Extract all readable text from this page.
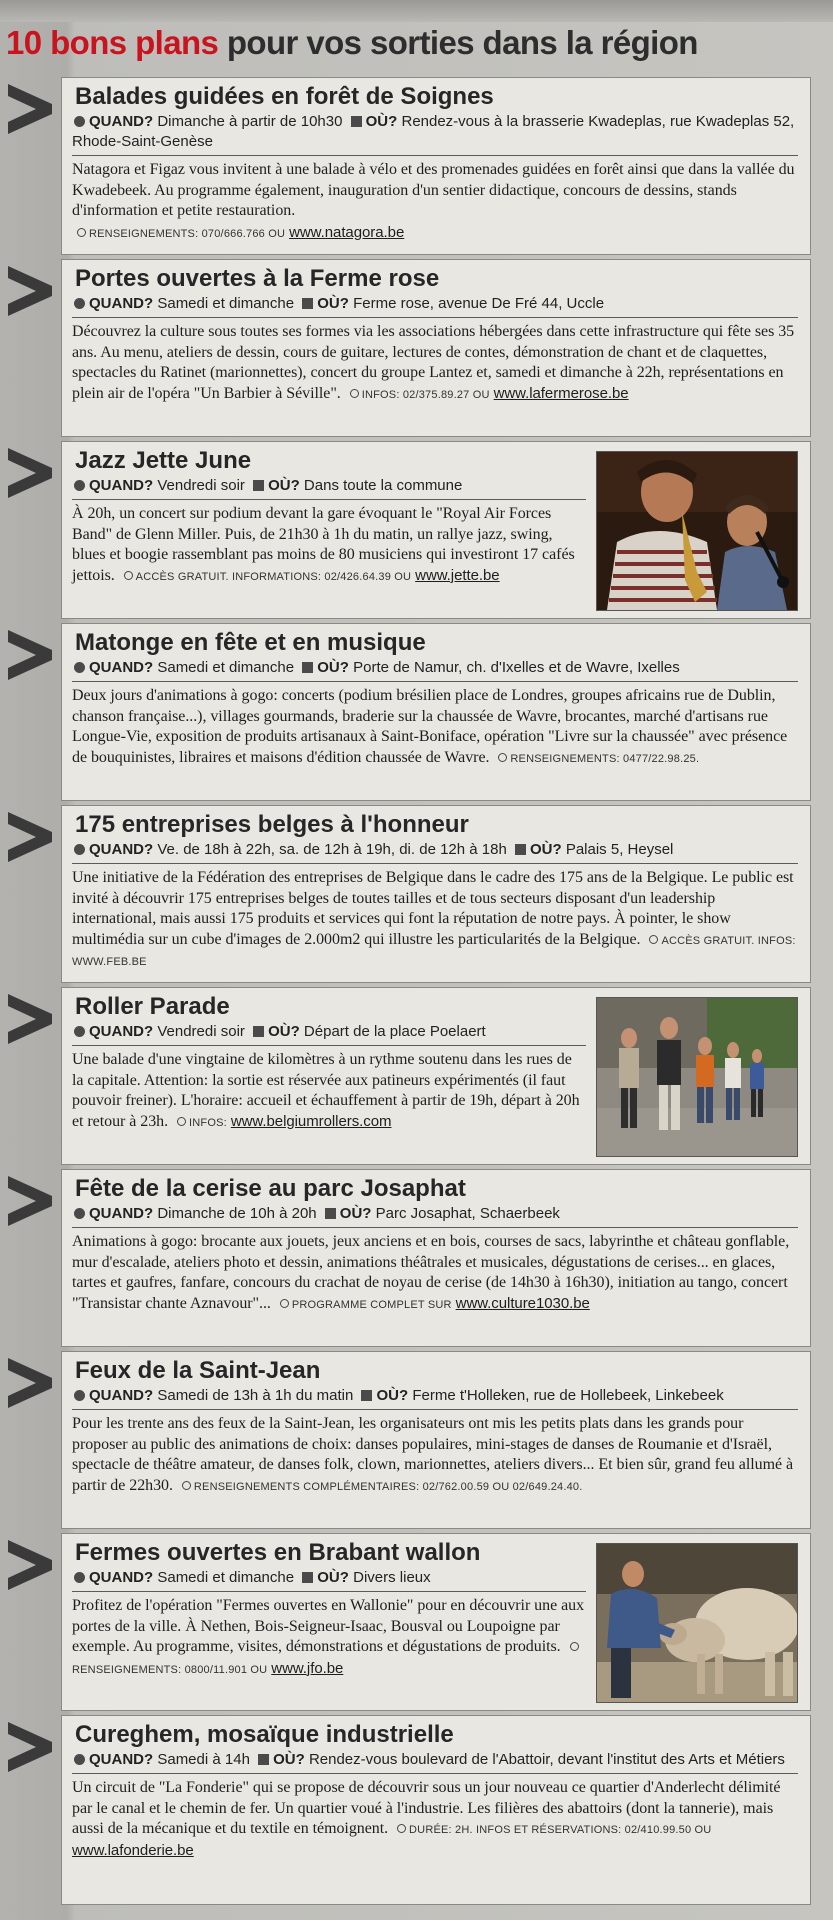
10 bons plans pour vos sorties dans la région
Balades guidées en forêt de Soignes
QUAND? Dimanche à partir de 10h30 OÙ? Rendez-vous à la brasserie Kwadeplas, rue Kwadeplas 52, Rhode-Saint-Genèse
Natagora et Figaz vous invitent à une balade à vélo et des promenades guidées en forêt ainsi que dans la vallée du Kwadebeek. Au programme également, inauguration d'un sentier didactique, concours de dessins, stands d'information et petite restauration.
RENSEIGNEMENTS: 070/666.766 OU www.natagora.be
Portes ouvertes à la Ferme rose
QUAND? Samedi et dimanche OÙ? Ferme rose, avenue De Fré 44, Uccle
Découvrez la culture sous toutes ses formes via les associations hébergées dans cette infrastructure qui fête ses 35 ans. Au menu, ateliers de dessin, cours de guitare, lectures de contes, démonstration de chant et de claquettes, spectacles du Ratinet (marionnettes), concert du groupe Lantez et, samedi et dimanche à 22h, représentations en plein air de l'opéra "Un Barbier à Séville". INFOS: 02/375.89.27 OU www.lafermerose.be
Jazz Jette June
QUAND? Vendredi soir OÙ? Dans toute la commune
À 20h, un concert sur podium devant la gare évoquant le "Royal Air Forces Band" de Glenn Miller. Puis, de 21h30 à 1h du matin, un rallye jazz, swing, blues et boogie rassemblant pas moins de 80 musiciens qui investiront 17 cafés jettois. ACCÈS GRATUIT. INFORMATIONS: 02/426.64.39 OU www.jette.be
Matonge en fête et en musique
QUAND? Samedi et dimanche OÙ? Porte de Namur, ch. d'Ixelles et de Wavre, Ixelles
Deux jours d'animations à gogo: concerts (podium brésilien place de Londres, groupes africains rue de Dublin, chanson française...), villages gourmands, braderie sur la chaussée de Wavre, brocantes, marché d'artisans rue Longue-Vie, exposition de produits artisanaux à Saint-Boniface, opération "Livre sur la chaussée" avec présence de bouquinistes, libraires et maisons d'édition chaussée de Wavre. RENSEIGNEMENTS: 0477/22.98.25.
175 entreprises belges à l'honneur
QUAND? Ve. de 18h à 22h, sa. de 12h à 19h, di. de 12h à 18h OÙ? Palais 5, Heysel
Une initiative de la Fédération des entreprises de Belgique dans le cadre des 175 ans de la Belgique. Le public est invité à découvrir 175 entreprises belges de toutes tailles et de tous secteurs disposant d'un leadership international, mais aussi 175 produits et services qui font la réputation de notre pays. À pointer, le show multimédia sur un cube d'images de 2.000m2 qui illustre les particularités de la Belgique. ACCÈS GRATUIT. INFOS: WWW.FEB.BE
Roller Parade
QUAND? Vendredi soir OÙ? Départ de la place Poelaert
Une balade d'une vingtaine de kilomètres à un rythme soutenu dans les rues de la capitale. Attention: la sortie est réservée aux patineurs expérimentés (il faut pouvoir freiner). L'horaire: accueil et échauffement à partir de 19h, départ à 20h et retour à 23h. INFOS: www.belgiumrollers.com
Fête de la cerise au parc Josaphat
QUAND? Dimanche de 10h à 20h OÙ? Parc Josaphat, Schaerbeek
Animations à gogo: brocante aux jouets, jeux anciens et en bois, courses de sacs, labyrinthe et château gonflable, mur d'escalade, ateliers photo et dessin, animations théâtrales et musicales, dégustations de cerises... en glaces, tartes et gaufres, fanfare, concours du crachat de noyau de cerise (de 14h30 à 16h30), initiation au tango, concert "Transistar chante Aznavour"... PROGRAMME COMPLET SUR www.culture1030.be
Feux de la Saint-Jean
QUAND? Samedi de 13h à 1h du matin OÙ? Ferme t'Holleken, rue de Hollebeek, Linkebeek
Pour les trente ans des feux de la Saint-Jean, les organisateurs ont mis les petits plats dans les grands pour proposer au public des animations de choix: danses populaires, mini-stages de danses de Roumanie et d'Israël, spectacle de théâtre amateur, de danses folk, clown, marionnettes, ateliers divers... Et bien sûr, grand feu allumé à partir de 22h30. RENSEIGNEMENTS COMPLÉMENTAIRES: 02/762.00.59 OU 02/649.24.40.
Fermes ouvertes en Brabant wallon
QUAND? Samedi et dimanche OÙ? Divers lieux
Profitez de l'opération "Fermes ouvertes en Wallonie" pour en découvrir une aux portes de la ville. À Nethen, Bois-Seigneur-Isaac, Bousval ou Loupoigne par exemple. Au programme, visites, démonstrations et dégustations de produits. RENSEIGNEMENTS: 0800/11.901 OU www.jfo.be
Cureghem, mosaïque industrielle
QUAND? Samedi à 14h OÙ? Rendez-vous boulevard de l'Abattoir, devant l'institut des Arts et Métiers
Un circuit de "La Fonderie" qui se propose de découvrir sous un jour nouveau ce quartier d'Anderlecht délimité par le canal et le chemin de fer. Un quartier voué à l'industrie. Les filières des abattoirs (dont la tannerie), mais aussi de la mécanique et du textile en témoignent. DURÉE: 2H. INFOS ET RÉSERVATIONS: 02/410.99.50 OU www.lafonderie.be
